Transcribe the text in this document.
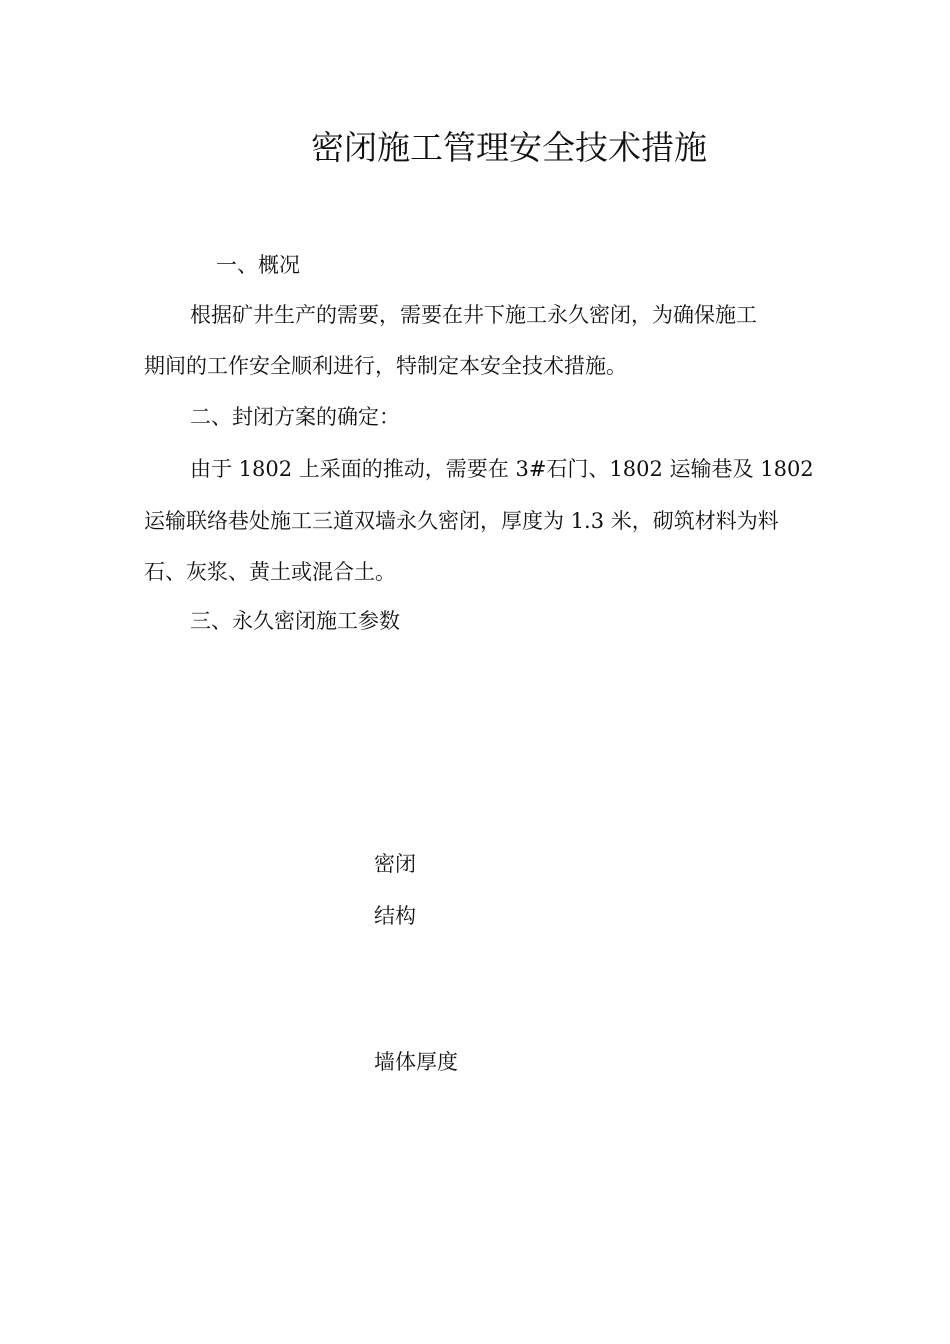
密闭施工管理安全技术措施
一、概况
根据矿井生产的需要，需要在井下施工永久密闭，为确保施工
期间的工作安全顺利进行，特制定本安全技术措施。
二、封闭方案的确定：
由于 1802 上采面的推动，需要在 3#石门、1802 运输巷及 1802
运输联络巷处施工三道双墙永久密闭，厚度为 1.3 米，砌筑材料为料
石、灰浆、黄土或混合土。
三、永久密闭施工参数
密闭
结构
墙体厚度
